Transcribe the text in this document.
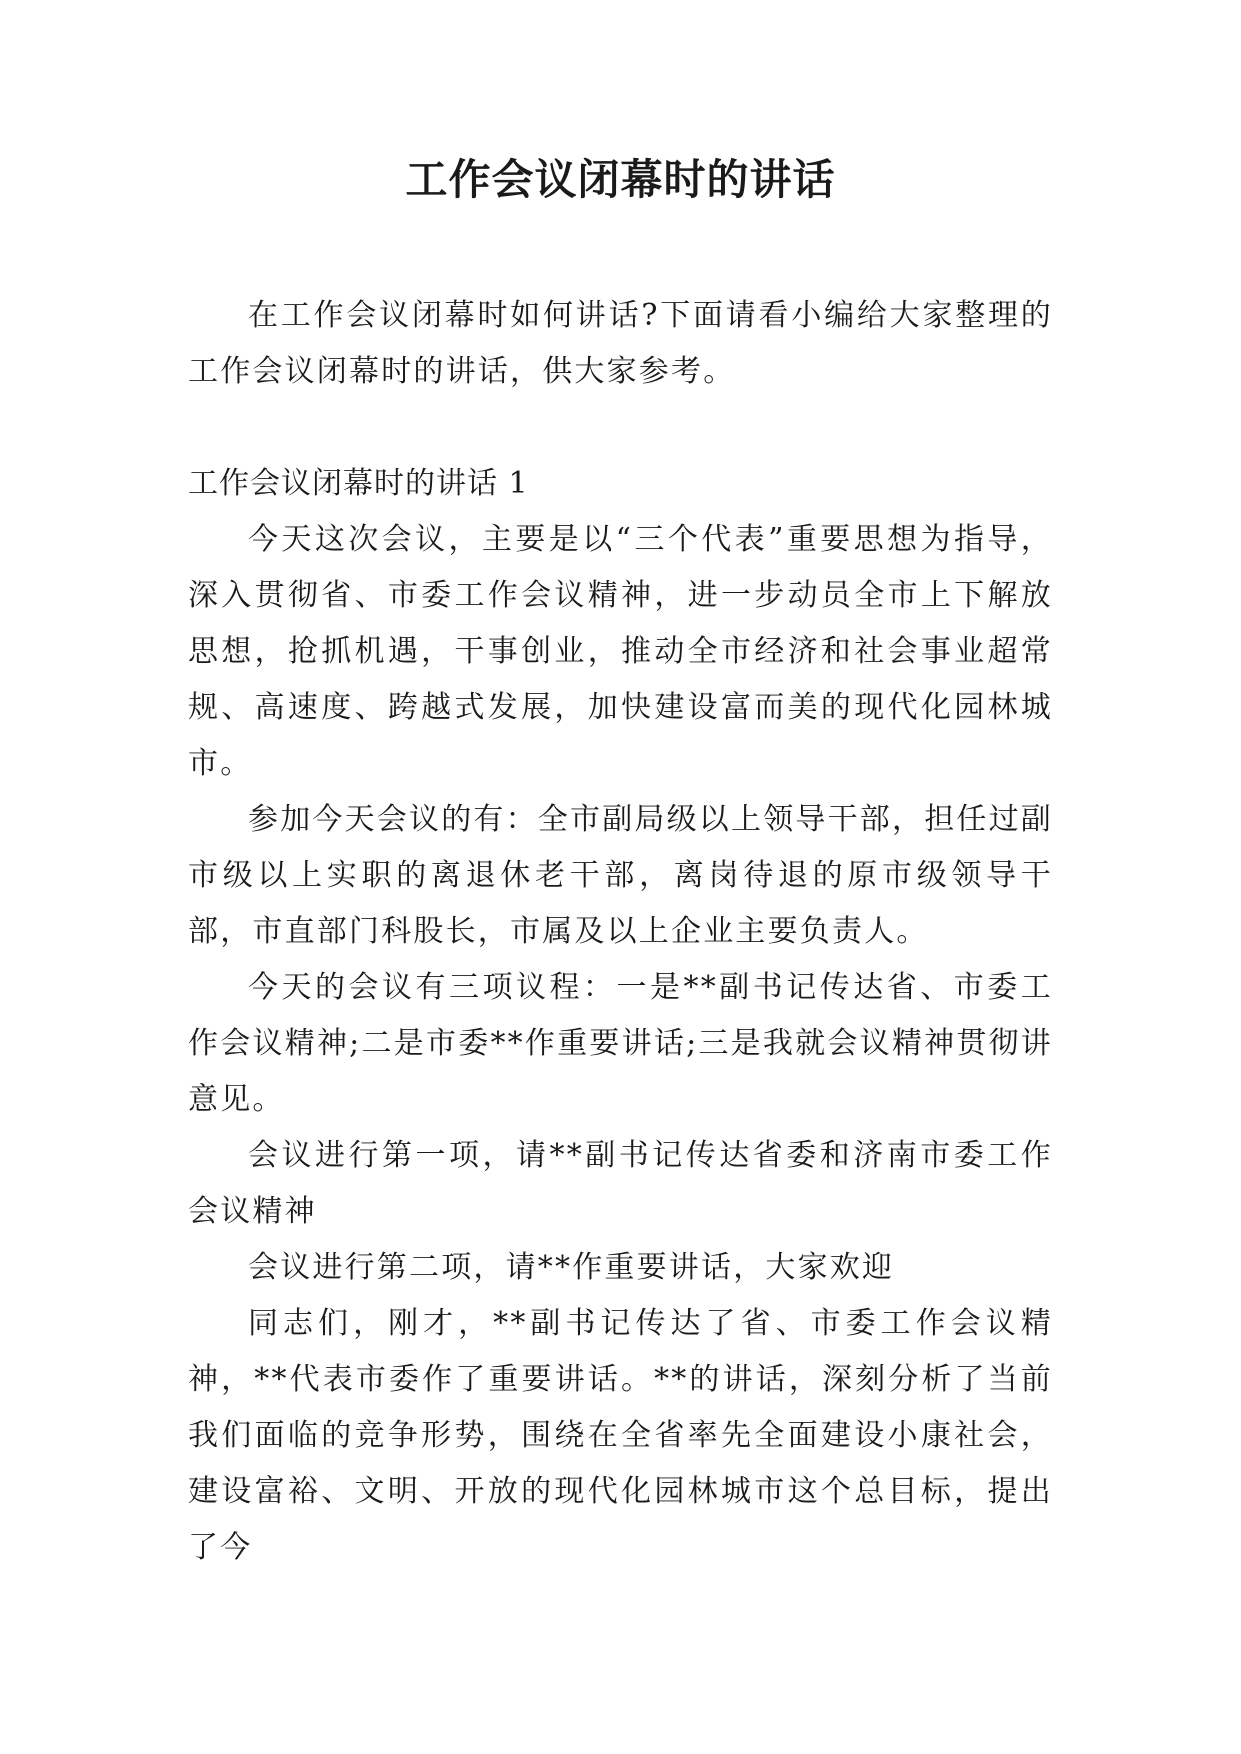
工作会议闭幕时的讲话

在工作会议闭幕时如何讲话?下面请看小编给大家整理的工作会议闭幕时的讲话，供大家参考。

工作会议闭幕时的讲话 1

今天这次会议，主要是以“三个代表”重要思想为指导，深入贯彻省、市委工作会议精神，进一步动员全市上下解放思想，抢抓机遇，干事创业，推动全市经济和社会事业超常规、高速度、跨越式发展，加快建设富而美的现代化园林城市。

参加今天会议的有：全市副局级以上领导干部，担任过副市级以上实职的离退休老干部，离岗待退的原市级领导干部，市直部门科股长，市属及以上企业主要负责人。

今天的会议有三项议程：一是**副书记传达省、市委工作会议精神;二是市委**作重要讲话;三是我就会议精神贯彻讲意见。

会议进行第一项，请**副书记传达省委和济南市委工作会议精神

会议进行第二项，请**作重要讲话，大家欢迎

同志们，刚才，**副书记传达了省、市委工作会议精神，**代表市委作了重要讲话。**的讲话，深刻分析了当前我们面临的竞争形势，围绕在全省率先全面建设小康社会，建设富裕、文明、开放的现代化园林城市这个总目标，提出了今
